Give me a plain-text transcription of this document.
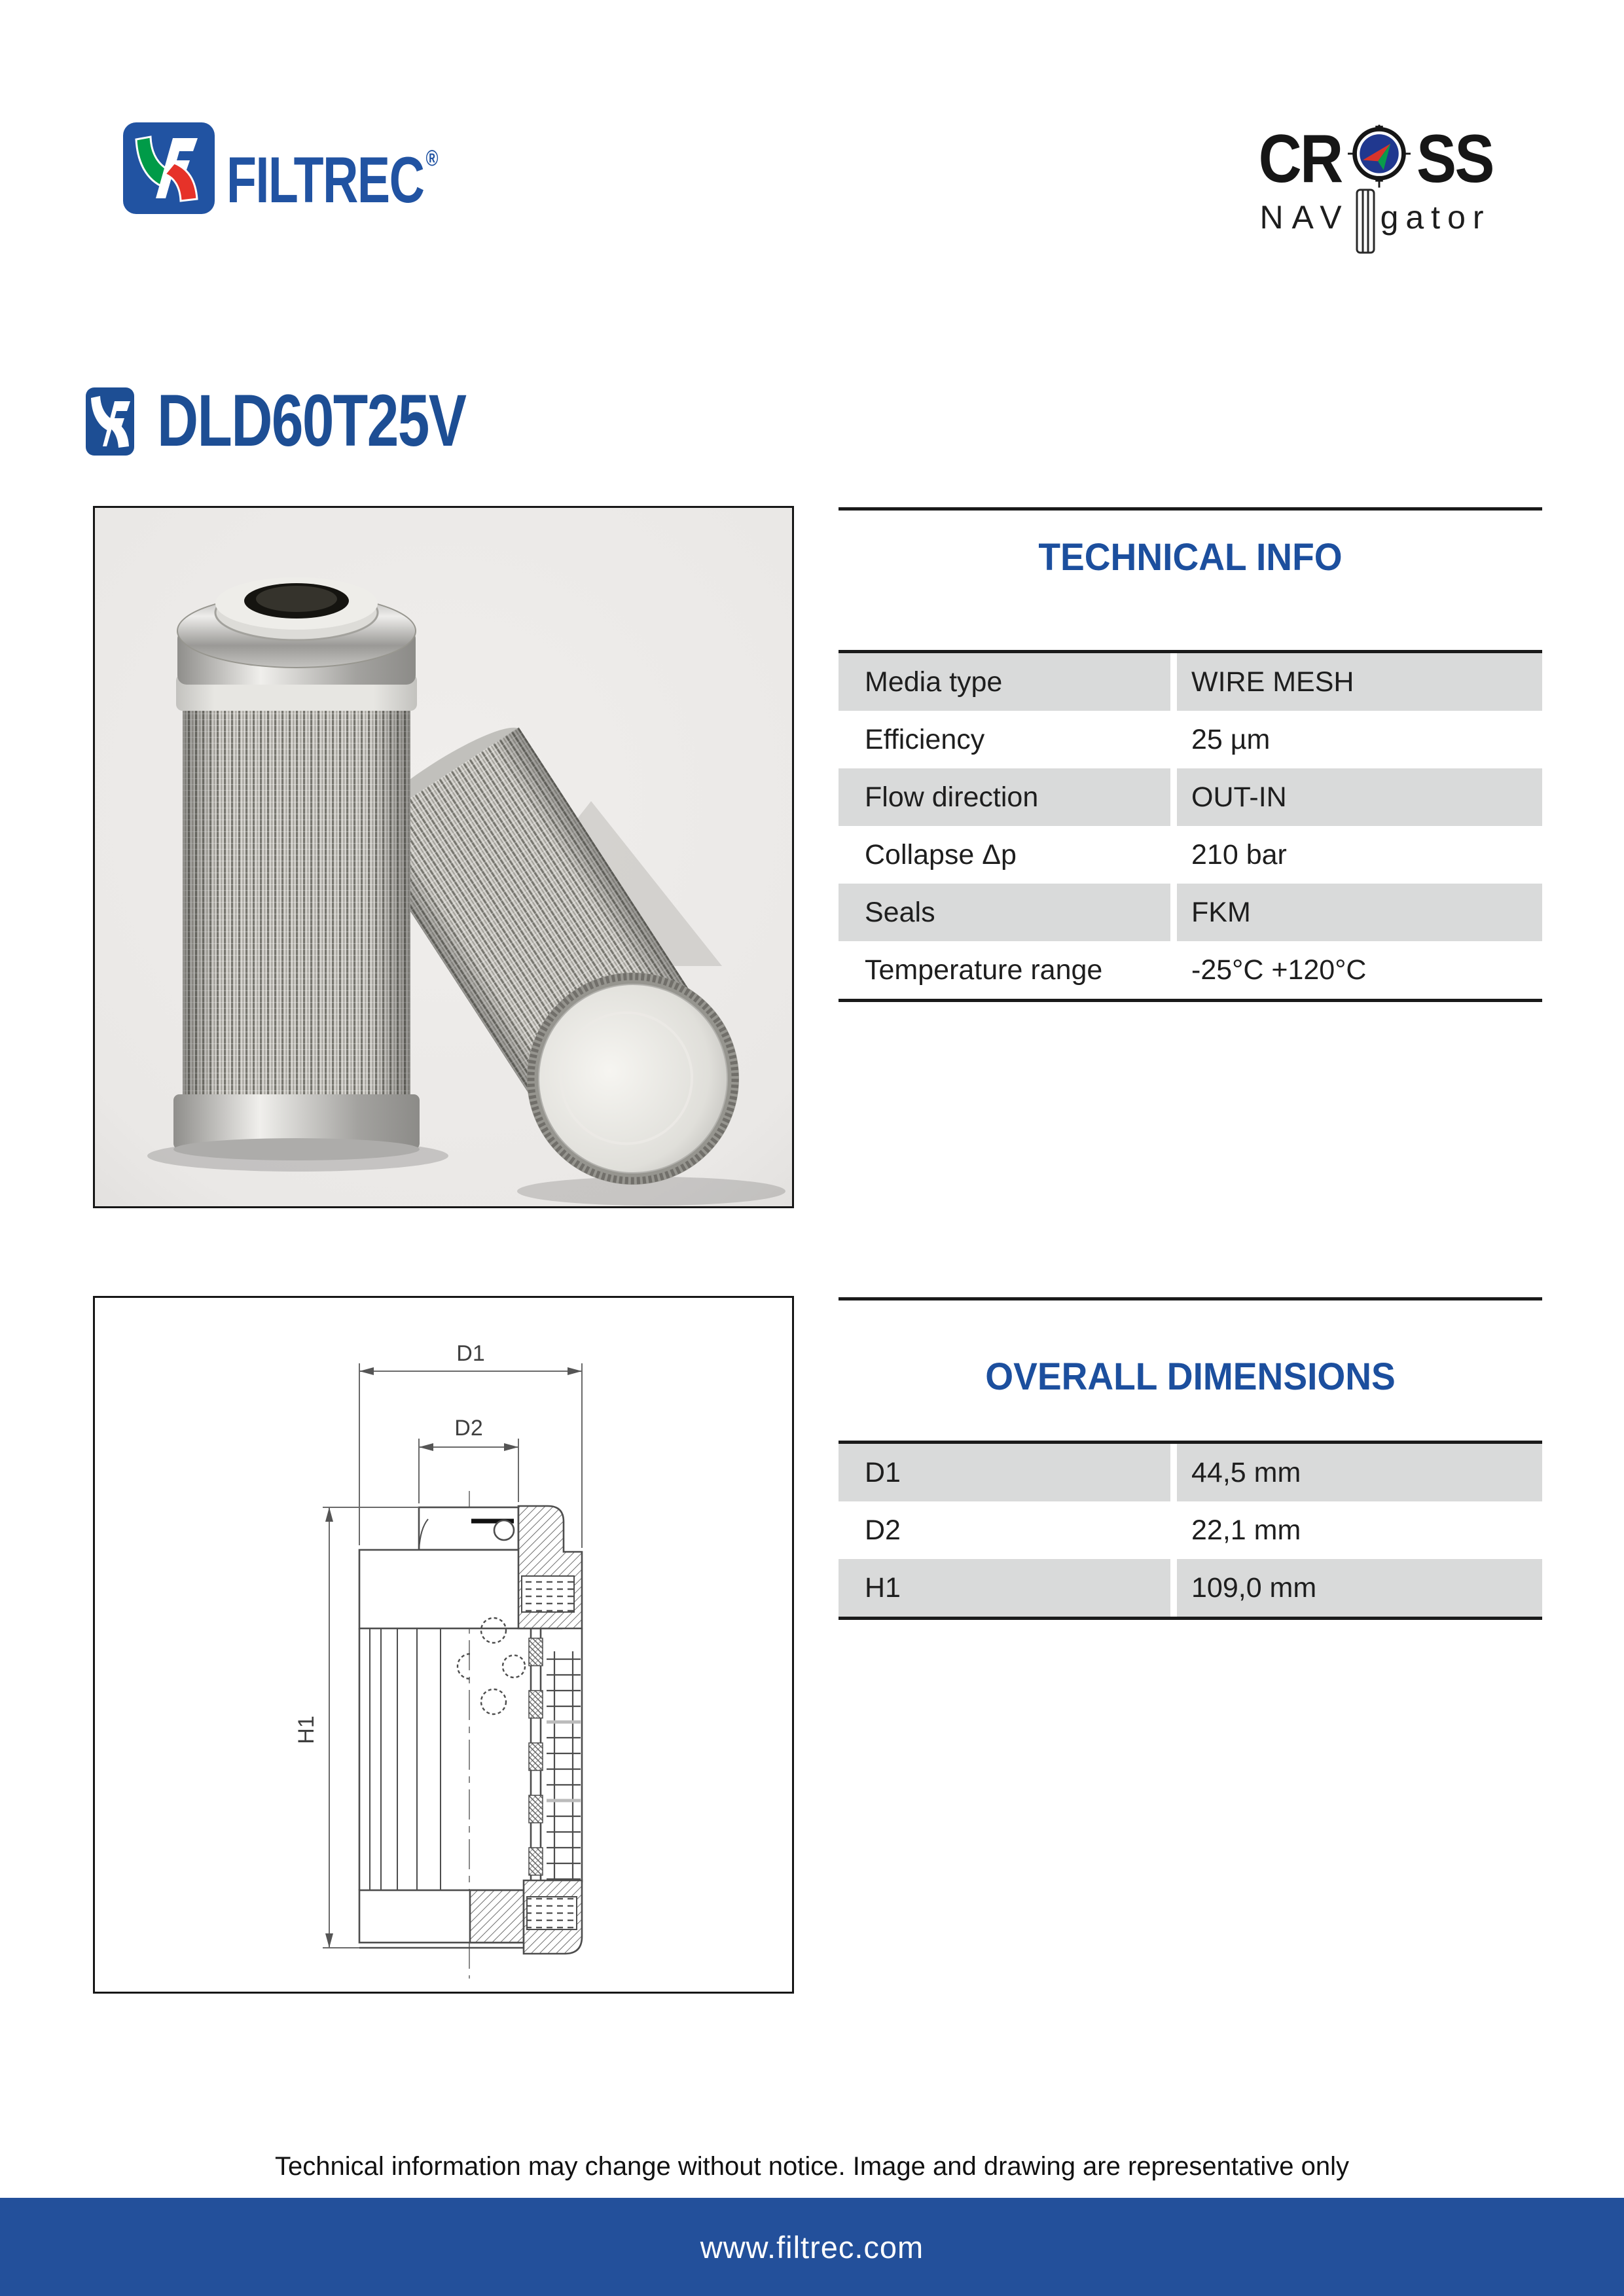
FILTREC®	CR SS
NAV gator
DLD60T25V
TECHNICAL INFO
Media type	WIRE MESH
Efficiency	25 µm
Flow direction	OUT-IN
Collapse Δp	210 bar
Seals	FKM
Temperature range	-25°C +120°C
D1
D2
H1
OVERALL DIMENSIONS
D1	44,5 mm
D2	22,1 mm
H1	109,0 mm
Technical information may change without notice. Image and drawing are representative only
www.filtrec.com
